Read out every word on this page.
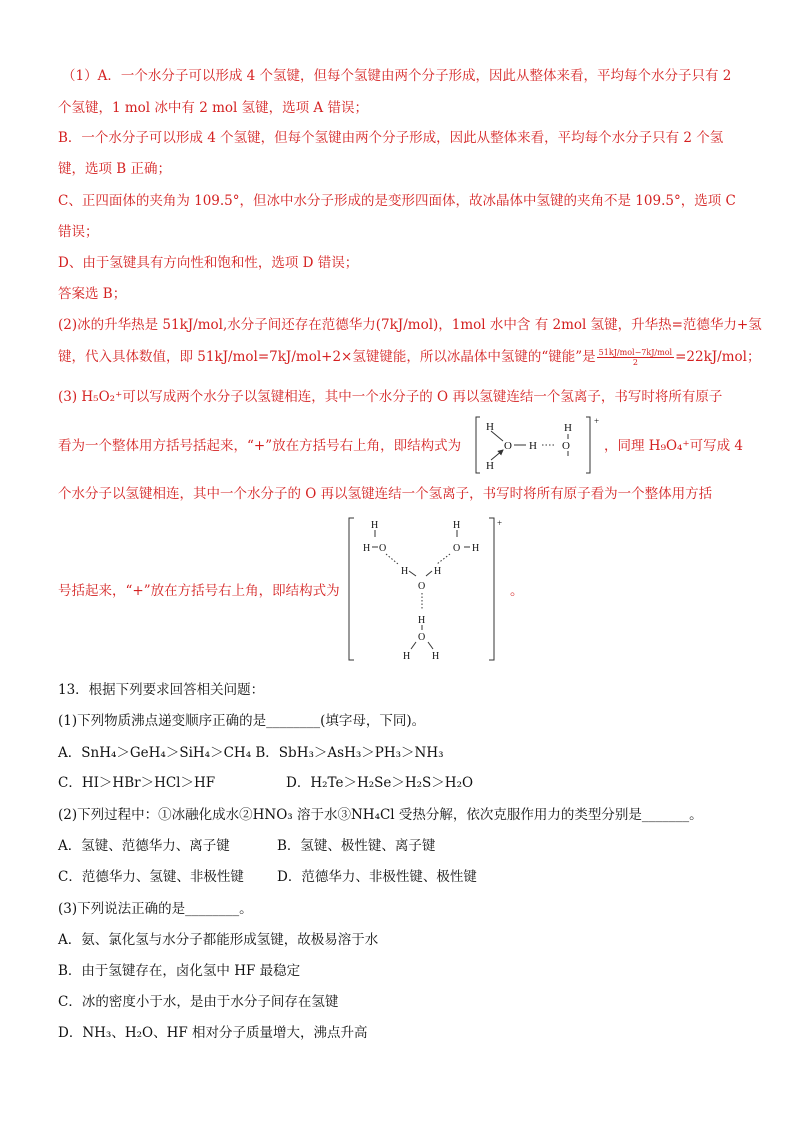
（1）A．一个水分子可以形成 4 个氢键，但每个氢键由两个分子形成，因此从整体来看，平均每个水分子只有 2
个氢键，1 mol 冰中有 2 mol 氢键，选项 A 错误；
B．一个水分子可以形成 4 个氢键，但每个氢键由两个分子形成，因此从整体来看，平均每个水分子只有 2 个氢
键，选项 B 正确；
C、正四面体的夹角为 109.5°，但冰中水分子形成的是变形四面体，故冰晶体中氢键的夹角不是 109.5°，选项 C
错误；
D、由于氢键具有方向性和饱和性，选项 D 错误；
答案选 B；
(2)冰的升华热是 51kJ/mol,水分子间还存在范德华力(7kJ/mol)，1mol 水中含 有 2mol 氢键，升华热=范德华力+氢
键，代入具体数值，即 51kJ/mol=7kJ/mol+2×氢键键能，所以冰晶体中氢键的“键能”是 $\frac{\text{51kJ/mol−7kJ/mol}}{2} =22kJ/mol$；
(3) H₅O₂⁺可以写成两个水分子以氢键相连，其中一个水分子的 O 再以氢键连结一个氢离子，书写时将所有原子
看为一个整体用方括号括起来，“+”放在方括号右上角，即结构式为
H
O H O
H
H
+
，同理 H₉O₄⁺可写成 4
个水分子以氢键相连，其中一个水分子的 O 再以氢键连结一个氢离子，书写时将所有原子看为一个整体用方括
号括起来，“+”放在方括号右上角，即结构式为
H
H O
H
H
O H
H
O
H
O
H H
+
。
13．根据下列要求回答相关问题：
(1)下列物质沸点递变顺序正确的是________(填字母，下同)。
A．SnH₄＞GeH₄＞SiH₄＞CH₄ B．SbH₃＞AsH₃＞PH₃＞NH₃
C．HI＞HBr＞HCl＞HF	D．H₂Te＞H₂Se＞H₂S＞H₂O
(2)下列过程中：①冰融化成水②HNO₃ 溶于水③NH₄Cl 受热分解，依次克服作用力的类型分别是_______。
A．氢键、范德华力、离子键	B．氢键、极性键、离子键
C．范德华力、氢键、非极性键 D．范德华力、非极性键、极性键
(3)下列说法正确的是________。
A．氨、氯化氢与水分子都能形成氢键，故极易溶于水
B．由于氢键存在，卤化氢中 HF 最稳定
C．冰的密度小于水，是由于水分子间存在氢键
D．NH₃、H₂O、HF 相对分子质量增大，沸点升高
